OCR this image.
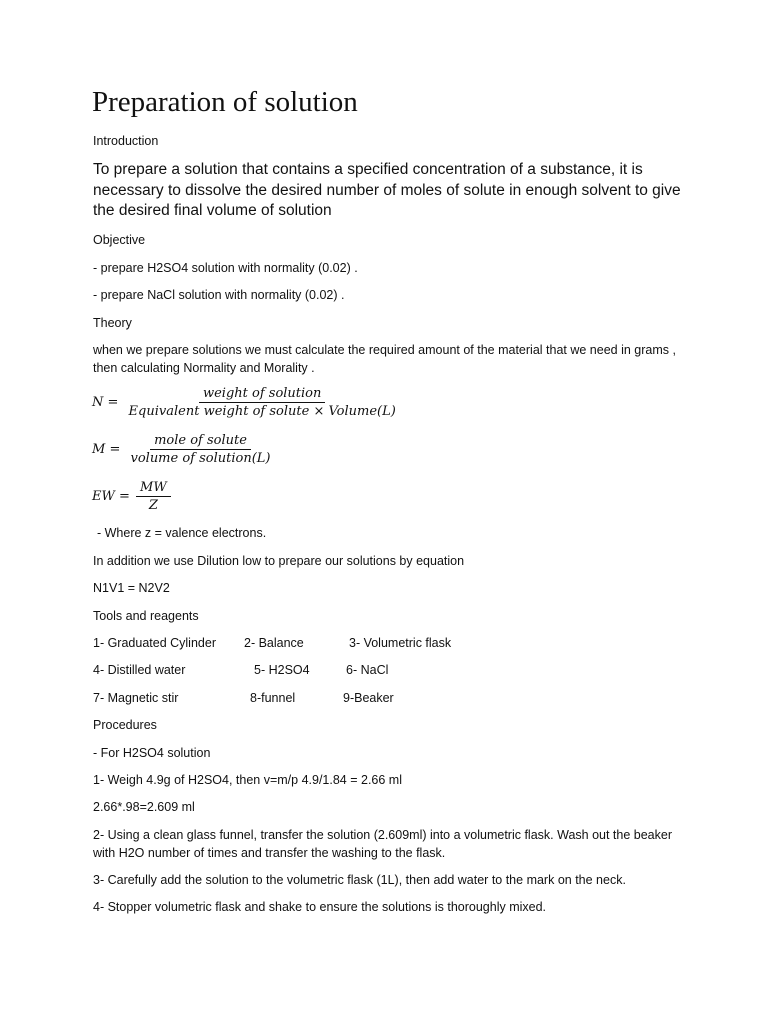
Preparation of solution

Introduction

To prepare a solution that contains a specified concentration of a substance, it is necessary to dissolve the desired number of moles of solute in enough solvent to give the desired final volume of solution

Objective

- prepare H2SO4 solution with normality (0.02) .

- prepare NaCl solution with normality (0.02) .

Theory

when we prepare solutions we must calculate the required amount of the material that we need in grams , then calculating Normality and Morality .

$N = \frac{\text{weight of solution}}{\text{Equivalent weight of solute × Volume(L)}}$
$M = \frac{\text{mole of solute}}{\text{volume of solution(L)}}$
EW = $\frac{MW}{Z}$

- Where z = valence electrons.

In addition we use Dilution low to prepare our solutions by equation

N1V1 = N2V2

Tools and reagents

1- Graduated Cylinder 2- Balance	3- Volumetric flask
4- Distilled water	5- H2SO4	6- NaCl
7- Magnetic stir	8-funnel	9-Beaker

Procedures

- For H2SO4 solution

1- Weigh 4.9g of H2SO4, then v=m/p 4.9/1.84 = 2.66 ml

2.66*.98=2.609 ml

2- Using a clean glass funnel, transfer the solution (2.609ml) into a volumetric flask. Wash out the beaker with H2O number of times and transfer the washing to the flask.

3- Carefully add the solution to the volumetric flask (1L), then add water to the mark on the neck.

4- Stopper volumetric flask and shake to ensure the solutions is thoroughly mixed.
